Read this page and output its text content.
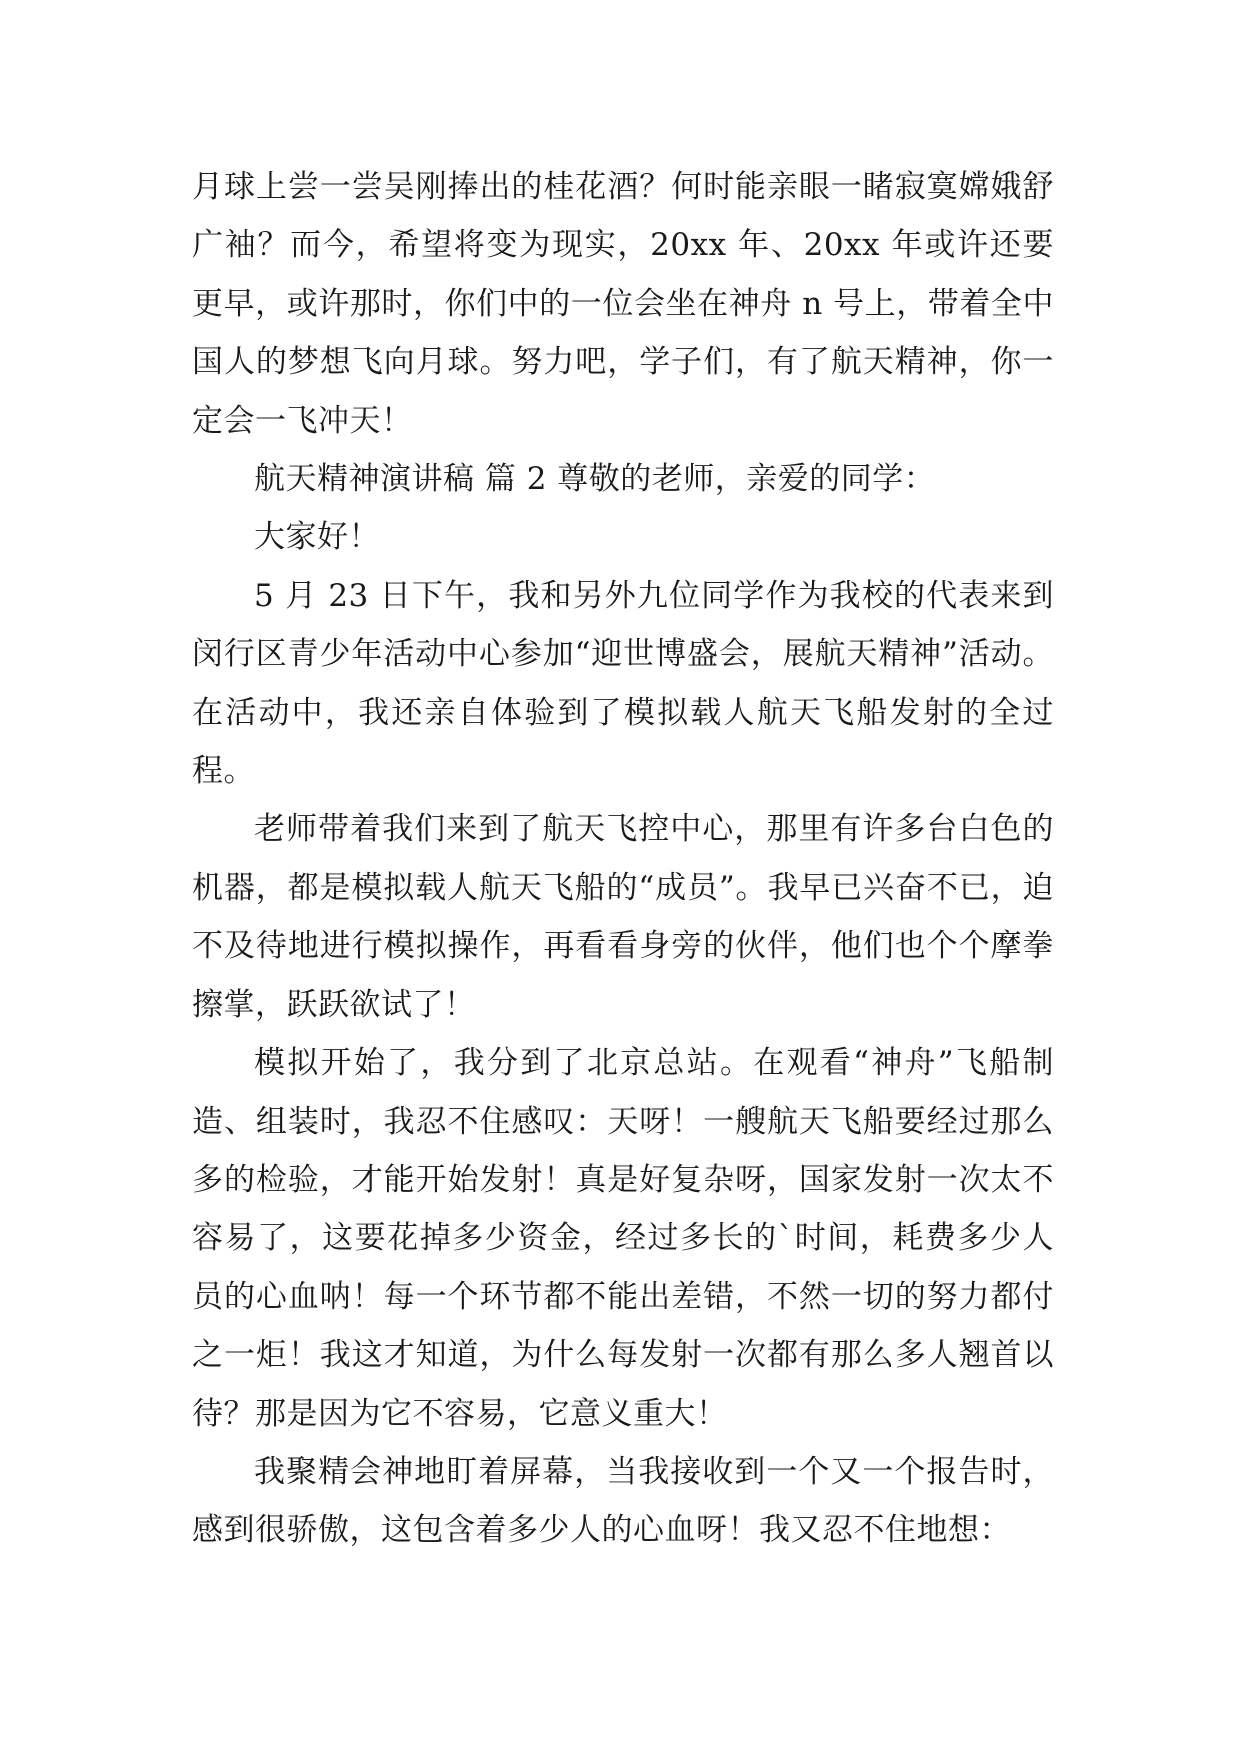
月球上尝一尝吴刚捧出的桂花酒？何时能亲眼一睹寂寞嫦娥舒广袖？而今，希望将变为现实，20xx 年、20xx 年或许还要更早，或许那时，你们中的一位会坐在神舟 n 号上，带着全中国人的梦想飞向月球。努力吧，学子们，有了航天精神，你一定会一飞冲天！

航天精神演讲稿 篇 2 尊敬的老师，亲爱的同学：

大家好！

5 月 23 日下午，我和另外九位同学作为我校的代表来到闵行区青少年活动中心参加“迎世博盛会，展航天精神”活动。在活动中，我还亲自体验到了模拟载人航天飞船发射的全过程。

老师带着我们来到了航天飞控中心，那里有许多台白色的机器，都是模拟载人航天飞船的“成员”。我早已兴奋不已，迫不及待地进行模拟操作，再看看身旁的伙伴，他们也个个摩拳擦掌，跃跃欲试了！

模拟开始了，我分到了北京总站。在观看“神舟”飞船制造、组装时，我忍不住感叹：天呀！一艘航天飞船要经过那么多的检验，才能开始发射！真是好复杂呀，国家发射一次太不容易了，这要花掉多少资金，经过多长的`时间，耗费多少人员的心血呐！每一个环节都不能出差错，不然一切的努力都付之一炬！我这才知道，为什么每发射一次都有那么多人翘首以待？那是因为它不容易，它意义重大！

我聚精会神地盯着屏幕，当我接收到一个又一个报告时，感到很骄傲，这包含着多少人的心血呀！我又忍不住地想：
